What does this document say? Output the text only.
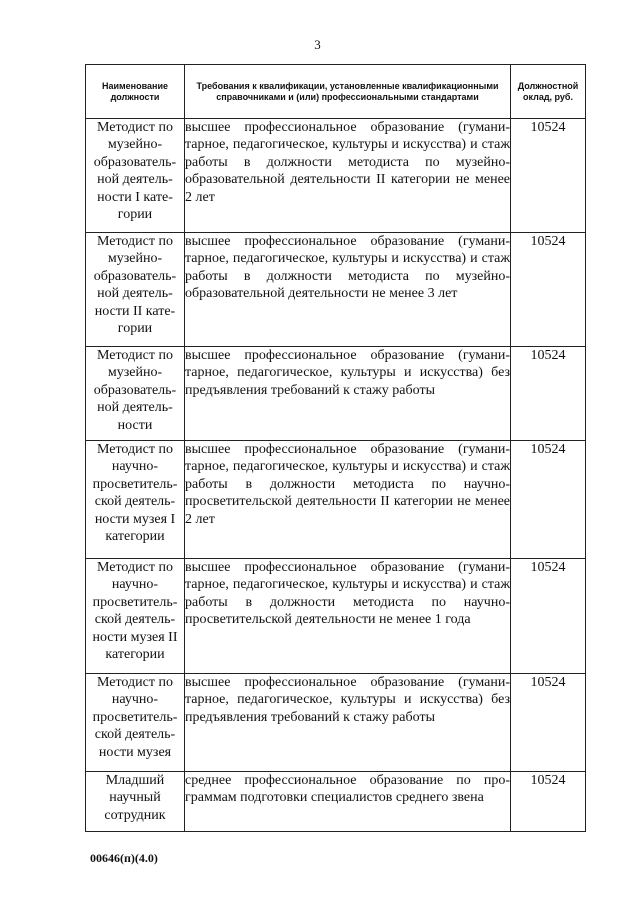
3
Наименование должности	Требования к квалификации, установленные квалификационными справочниками и (или) профессиональными стандартами	Должностной оклад, руб.
Методист по музейно-образователь-ной деятель-ности I кате-гории	высшее профессиональное образование (гумани-тарное, педагогическое, культуры и искусства) и стаж работы в должности методиста по музейно-образовательной деятельности II категории не менее 2 лет	10524
Методист по музейно-образователь-ной деятель-ности II кате-гории	высшее профессиональное образование (гумани-тарное, педагогическое, культуры и искусства) и стаж работы в должности методиста по музейно-образовательной деятельности не менее 3 лет	10524
Методист по музейно-образователь-ной деятель-ности	высшее профессиональное образование (гумани-тарное, педагогическое, культуры и искусства) без предъявления требований к стажу работы	10524
Методист по научно-просветитель-ской деятель-ности музея I категории	высшее профессиональное образование (гумани-тарное, педагогическое, культуры и искусства) и стаж работы в должности методиста по научно-просветительской деятельности II категории не менее 2 лет	10524
Методист по научно-просветитель-ской деятель-ности музея II категории	высшее профессиональное образование (гумани-тарное, педагогическое, культуры и искусства) и стаж работы в должности методиста по научно-просветительской деятельности не менее 1 года	10524
Методист по научно-просветитель-ской деятель-ности музея	высшее профессиональное образование (гумани-тарное, педагогическое, культуры и искусства) без предъявления требований к стажу работы	10524
Младший научный сотрудник	среднее профессиональное образование по про-граммам подготовки специалистов среднего звена	10524
00646(п)(4.0)
